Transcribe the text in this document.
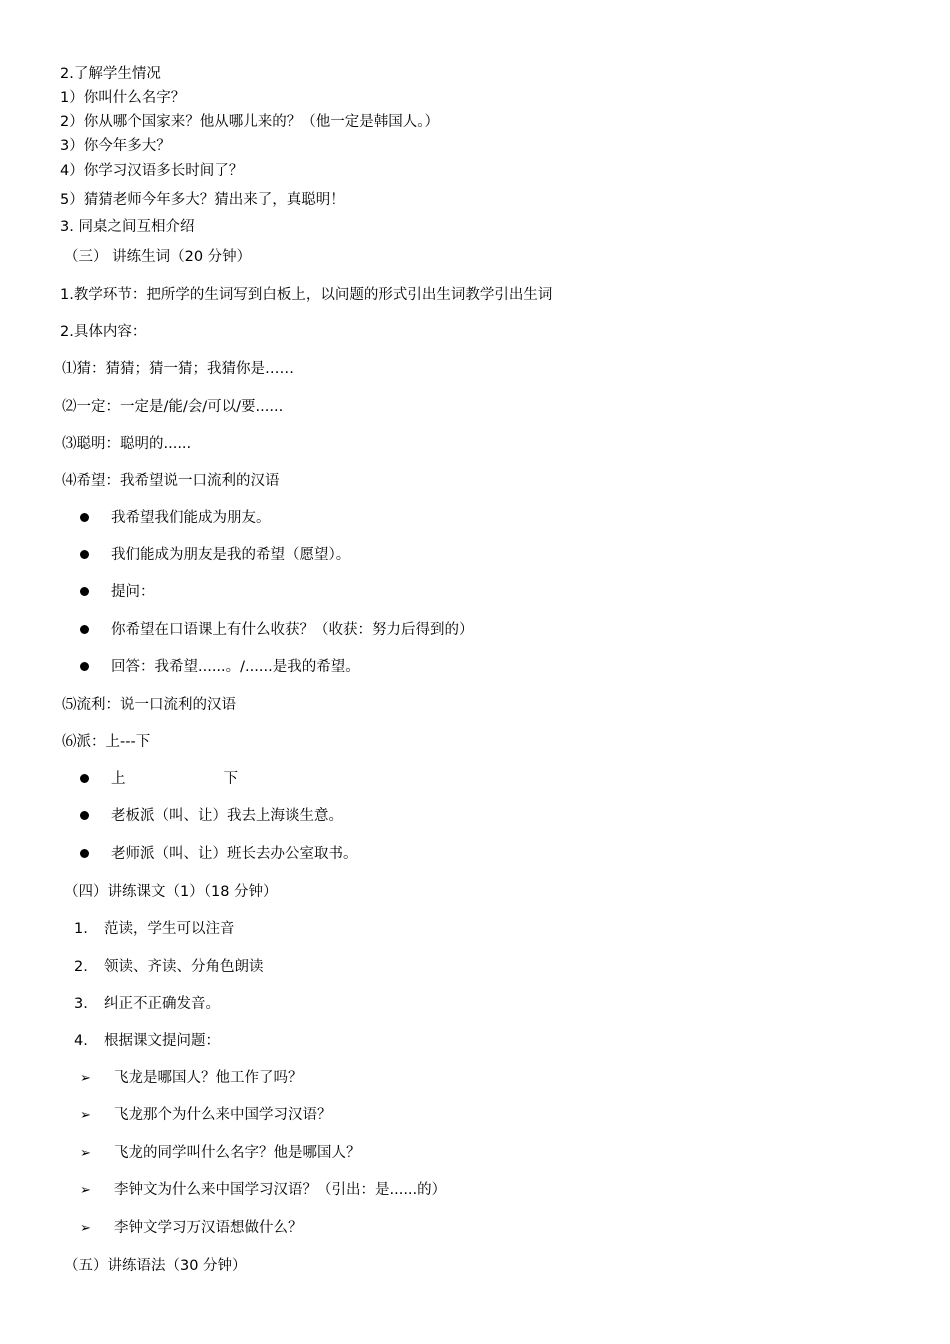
2.了解学生情况
1）你叫什么名字？
2）你从哪个国家来？他从哪儿来的？（他一定是韩国人。）
3）你今年多大？
4）你学习汉语多长时间了？
5）猜猜老师今年多大？猜出来了，真聪明！
3. 同桌之间互相介绍
（三） 讲练生词（20 分钟）
1.教学环节：把所学的生词写到白板上，以问题的形式引出生词教学引出生词
2.具体内容：
⑴猜：猜猜；猜一猜；我猜你是……
⑵一定：一定是/能/会/可以/要......
⑶聪明：聪明的......
⑷希望：我希望说一口流利的汉语
我希望我们能成为朋友。
我们能成为朋友是我的希望（愿望）。
提问：
你希望在口语课上有什么收获？（收获：努力后得到的）
回答：我希望......。/......是我的希望。
⑸流利：说一口流利的汉语
⑹派：上---下
上	下
老板派（叫、让）我去上海谈生意。
老师派（叫、让）班长去办公室取书。
（四）讲练课文（1）（18 分钟）
1. 范读，学生可以注音
2. 领读、齐读、分角色朗读
3. 纠正不正确发音。
4. 根据课文提问题：
➢ 飞龙是哪国人？他工作了吗？
➢ 飞龙那个为什么来中国学习汉语？
➢ 飞龙的同学叫什么名字？他是哪国人？
➢ 李钟文为什么来中国学习汉语？（引出：是......的）
➢ 李钟文学习万汉语想做什么？
（五）讲练语法（30 分钟）
